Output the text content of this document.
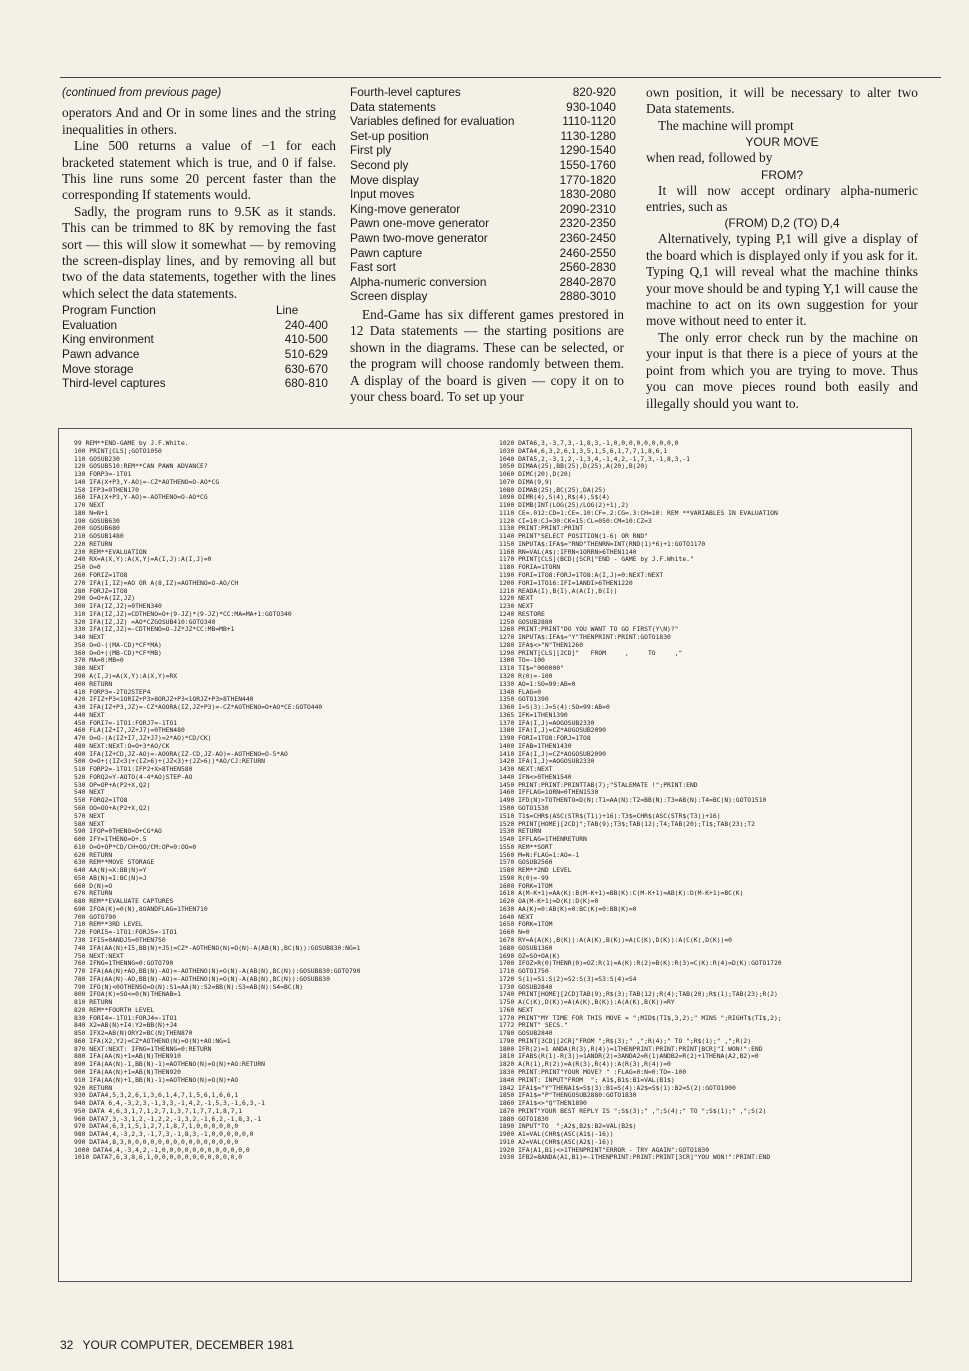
(continued from previous page)

operators And and Or in some lines and the string inequalities in others.

Line 500 returns a value of −1 for each bracketed statement which is true, and 0 if false. This line runs some 20 percent faster than the corresponding If statements would.

Sadly, the program runs to 9.5K as it stands. This can be trimmed to 8K by removing the fast sort — this will slow it somewhat — by removing the screen-display lines, and by removing all but two of the data statements, together with the lines which select the data statements.

Program Function	Line
Evaluation	240-400
King environment	410-500
Pawn advance	510-629
Move storage	630-670
Third-level captures	680-810
Fourth-level captures	820-920
Data statements	930-1040
Variables defined for evaluation	1110-1120
Set-up position	1130-1280
First ply	1290-1540
Second ply	1550-1760
Move display	1770-1820
Input moves	1830-2080
King-move generator	2090-2310
Pawn one-move generator	2320-2350
Pawn two-move generator	2360-2450
Pawn capture	2460-2550
Fast sort	2560-2830
Alpha-numeric conversion	2840-2870
Screen display	2880-3010

End-Game has six different games prestored in 12 Data statements — the starting positions are shown in the diagrams. These can be selected, or the program will choose randomly between them. A display of the board is given — copy it on to your chess board. To set up your

own position, it will be necessary to alter two Data statements.

The machine will prompt

YOUR MOVE

when read, followed by

FROM?

It will now accept ordinary alpha-numeric entries, such as

(FROM) D,2 (TO) D,4

Alternatively, typing P,1 will give a display of the board which is displayed only if you ask for it. Typing Q,1 will reveal what the machine thinks your move should be and typing Y,1 will cause the machine to act on its own suggestion for your move without need to enter it.

The only error check run by the machine on your input is that there is a piece of yours at the point from which you are trying to move. Thus you can move pieces round both easily and illegally should you want to.

99 REM**END-GAME by J.F.White.
100 PRINT[CLS];GOTO1050
110 GOSUB230
120 GOSUB510:REM**CAN PAWN ADVANCE?
130 FORP3=-1TO1
140 IFA(X+P3,Y-AO)=-CZ*AOTHENO=O-AO*CG
150 IFP3=0THEN170
160 IFA(X+P3,Y-AO)=-AOTHENO=O-AO*CG
170 NEXT
180 N=N+1
190 GOSUB630
200 GOSUB680
210 GOSUB1480
220 RETURN
230 REM**EVALUATION
240 RX=A(X,Y):A(X,Y)=A(I,J):A(I,J)=0
250 O=0
260 FORIZ=1TO8
270 IFA(I,IZ)=AO OR A(8,IZ)=AOTHENO=O-AO/CH
280 FORJZ=1TO8
290 O=O+A(IZ,JZ)
300 IFA(IZ,JZ)=0THEN340
310 IFA(IZ,JZ)=CDTHENO=O+(9-JZ)*(9-JZ)*CC:MA=MA+1:GOTO340
320 IFA(IZ,JZ) =AO*CZGOSUB410:GOTO340
330 IFA(IZ,JZ)=-CDTHENO=O-JZ*JZ*CC:MB=MB+1
340 NEXT
350 O=O-((MA-CD)*CF*MA)
360 O=O+((MB-CD)*CF*MB)
370 MA=0:MB=0
380 NEXT
390 A(I,J)=A(X,Y):A(X,Y)=RX
400 RETURN
410 FORP3=-2TO2STEP4
420 IFIZ+P3<1ORIZ+P3>8ORJZ+P3<1ORJZ+P3>8THEN440
430 IFA(IZ+P3,JZ)=-CZ*AOORA(IZ,JZ+P3)=-CZ*AOTHENO=O+AO*CE:GOTO440
440 NEXT
450 FORI7=-1TO1:FORJ7=-1TO1
460 FLA(IZ+I7,JZ+J7)=0THEN480
470 O=O-(A(IZ+I7,JZ+J7)=2*AO)*CD/CK)
480 NEXT:NEXT:O=O+3*AO/CK
490 IFA(IZ+CD,JZ-AO)=-AOORA(IZ-CD,JZ-AO)=-AOTHENO=O-5*AO
500 O=O+((IZ<3)+(IZ>6)+(JZ<3)+(JZ>6))*AO/CJ:RETURN
510 FORP2=-1TO1:IFP2+X>8THEN580
520 FORQ2=Y-AOTO(4-4*AO)STEP-AO
530 OP=OP+A(P2+X,Q2)
540 NEXT
550 FORQ2=1TO8
560 OO=OO+A(P2+X,Q2)
570 NEXT
580 NEXT
590 IFOP=0THENO=O+CG*AO
600 IFY=1THENO=O+.5
610 O=O+OP*CD/CH+OO/CM:OP=0:OO=0
620 RETURN
630 REM**MOVE STORAGE
640 AA(N)=X:BB(N)=Y
650 AB(N)=I:BC(N)=J
660 D(N)=O
670 RETURN
680 REM**EVALUATE CAPTURES
690 IFOA(K)=0(N),8OANDFLAG=1THEN710
700 GOTO790
710 REM**3RD LEVEL
720 FORI5=-1TO1:FORJ5=-1TO1
730 IFI5=0ANDJ5=0THEN750
740 IFA(AA(N)+I5,BB(N)+J5)=CZ*-AOTHENO(N)=O(N)-A(AB(N),BC(N)):GOSUB830:NG=1
750 NEXT:NEXT
760 IFNG=1THENNG=0:GOTO790
770 IFA(AA(N)+AO,BB(N)-AO)=-AOTHENO(N)=O(N)-A(AB(N),BC(N)):GOSUB830:GOTO790
780 IFA(AA(N)-AO,BB(N)-AO)=-AOTHENO(N)=O(N)-A(AB(N),BC(N)):GOSUB830
790 IFO(N)<0OTHENSO=O(N):S1=AA(N):S2=BB(N):S3=AB(N):S4=BC(N)
800 IFOA(K)=SO<=0(N)THENAB=1
810 RETURN
820 REM**FOURTH LEVEL
830 FORI4=-1TO1:FORJ4=-1TO1
840 X2=AB(N)+I4:Y2=BB(N)+J4
850 IFX2=AB(N)ORY2=BC(N)THEN870
860 IFA(X2,Y2)=CZ*AOTHENO(N)=O(N)+AO:NG=1
870 NEXT:NEXT: IFNG=1THENNG=0:RETURN
880 IFA(AA(N)+1=AB(N)THEN910
890 IFA(AA(N)-1,BB(N)-1)=AOTHENO(N)=O(N)+AO:RETURN
900 IFA(AA(N)+1=AB(N)THEN920
910 IFA(AA(N)+1,BB(N)-1)=AOTHENO(N)=O(N)+AO
920 RETURN
930 DATA4,5,3,2,6,1,3,6,1,4,7,1,5,6,1,6,6,1
940 DATA 6,4,-3,2,3,-1,3,3,-1,4,2,-1,5,3,-1,6,3,-1
950 DATA 4,6,3,1,7,1,2,7,1,3,7,1,7,7,1,8,7,1
960 DATA7,3,-3,1,2,-1,2,2,-1,3,2,-1,6,2,-1,8,3,-1
970 DATA4,6,3,1,5,1,2,7,1,8,7,1,0,0,0,0,0,0
980 DATA4,4,-3,2,3,-1,7,3,-1,8,3,-1,0,0,0,0,0,0
990 DATA4,8,3,0,0,0,0,0,0,0,0,0,0,0,0,0,0,0
1000 DATA4,4,-3,4,2,-1,0,0,0,0,0,0,0,0,0,0,0,0
1010 DATA7,6,3,8,6,1,0,0,0,0,0,0,0,0,0,0,0,0
1020 DATA6,3,-3,7,3,-1,8,3,-1,0,0,0,0,0,0,0,0,0
1030 DATA4,6,3,2,6,1,3,5,1,5,6,1,7,7,1,8,6,1
1040 DATA5,2,-3,1,2,-1,3,4,-1,4,2,-1,7,3,-1,8,3,-1
1050 DIMAA(25),BB(25),D(25),A(20),B(20)
1060 DIMC(20),D(20)
1070 DIMA(9,9)
1080 DIMAB(25),BC(25),DA(25)
1090 DIMR(4),S(4),R$(4),S$(4)
1100 DIMB(INT(LOG(25)/LOG(2)+1),2)
1110 CE=.012:CD=1:CE=.10:CF=.2:CG=.3:CH=10: REM **VARIABLES IN EVALUATION
1120 CI=10:CJ=30:CK=15:CL=050:CM=10:CZ=3
1130 PRINT:PRINT:PRINT
1140 PRINT"SELECT POSITION(1-6) OR RND"
1150 INPUTA$:IFA$="RND"THENRN=INT(RND(1)*6)+1:GOTO1170
1160 RN=VAL(A$):IFRN<1ORRN>6THEN1140
1170 PRINT[CLS](BCD)[SCR]"END - GAME by J.F.White."
1180 FORIA=1TORN
1190 FORI=1TO8:FORJ=1TO8:A(I,J)=0:NEXT:NEXT
1200 FORI=1TO16:IFI=1ANDI>6THEN1220
1210 READA(I),B(I),A(A(I),B(I))
1220 NEXT
1230 NEXT
1240 RESTORE
1250 GOSUB2880
1260 PRINT:PRINT"DO YOU WANT TO GO FIRST(Y\N)?"
1270 INPUTA$:IFA$="Y"THENPRINT:PRINT:GOTO1830
1280 IFA$<>"N"THEN1260
1290 PRINT[CLS][2CD]"   FROM     ,     TO     ,"
1300 TO=-100
1310 TI$="000000"
1320 R(0)=-100
1330 AO=1:SO=99:AB=0
1340 FLAG=0
1350 GOTO1390
1360 I=S(3):J=S(4):SO=99:AB=0
1365 IFK=1THEN1390
1370 IFA(I,J)=AOGOSUB2330
1380 IFA(I,J)=CZ*AOGOSUB2090
1390 FORI=1TO8:FORJ=1TO8
1400 IFAB=1THEN1430
1410 IFA(I,J)=CZ*AOGOSUB2090
1420 IFA(I,J)=AOGOSUB2330
1430 NEXT:NEXT
1440 IFN<>0THEN1540
1450 PRINT:PRINT:PRINTTAB(7);"STALEMATE !";PRINT:END
1460 IFFLAG=1ORN=0THEN1530
1490 IFD(N)>TOTHENTO=D(N):T1=AA(N):T2=BB(N):T3=AB(N):T4=BC(N):GOTO1510
1500 GOTO1530
1510 T1$=CHR$(ASC(STR$(T1))+16):T3$=CHR$(ASC(STR$(T3))+16)
1520 PRINT[HOME][2CD]";TAB(9);T3$;TAB(12);T4;TAB(20);T1$;TAB(23);T2
1530 RETURN
1540 IFFLAG=1THENRETURN
1550 REM**SORT
1560 M=N:FLAG=1:AO=-1
1570 GOSUB2560
1580 REM**2ND LEVEL
1590 R(0)=-99
1600 FORK=1TOM
1610 A(M-K+1)=AA(K):B(M-K+1)=BB(K):C(M-K+1)=AB(K):D(M-K+1)=BC(K)
1620 OA(M-K+1)=D(K):D(K)=0
1630 AA(K)=0:AB(K)=0:BC(K)=0:BB(K)=0
1640 NEXT
1650 FORK=1TOM
1660 N=0
1670 RY=A(A(K),B(K)):A(A(K),B(K))=A(C(K),D(K)):A(C(K),D(K))=0
1680 GOSUB1360
1690 OZ=SO+OA(K)
1700 IFOZ>R(0)THENR(0)=OZ:R(1)=A(K):R(2)=B(K):R(3)=C(K):R(4)=D(K):GOTO1720
1710 GOTO1750
1720 S(1)=S1:S(2)=S2:S(3)=S3:S(4)=S4
1730 GOSUB2840
1740 PRINT[HOME][2CD]TAB(9);R$(3);TAB(12);R(4);TAB(20);R$(1);TAB(23);R(2)
1750 A(C(K),D(K))=A(A(K),B(K)):A(A(K),B(K))=RY
1760 NEXT
1770 PRINT"MY TIME FOR THIS MOVE = ";MID$(TI$,3,2);" MINS ";RIGHT$(TI$,2);
1772 PRINT" SECS."
1780 GOSUB2840
1790 PRINT[3CD][2CR]"FROM ";R$(3);" ,";R(4);" TO ";R$(1);" ,";R(2)
1800 IFR(2)=1 ANDA(R(3),R(4))=1THENPRINT:PRINT:PRINT[BCR]"I WON!":END
1810 IFABS(R(1)-R(3))=1ANDR(2)=3ANDA2=R(1)ANDB2=R(2)+1THENA(A2,B2)=0
1820 A(R(1),R(2))=A(R(3),R(4)):A(R(3),R(4))=0
1830 PRINT:PRINT"YOUR MOVE? " :FLAG=0:N=0:TO=-100
1840 PRINT: INPUT"FROM  "; A1$,B1$:B1=VAL(B1$)
1842 IFA1$="Y"THENA1$=S$(3):B1=S(4):A2$=S$(1):B2=S(2):GOTO1900
1850 IFA1$="P"THENGOSUB2880:GOTO1830
1860 IFA1$<>"Q"THEN1890
1870 PRINT"YOUR BEST REPLY IS ";S$(3);" ,";S(4);" TO ";S$(1);" ,";S(2)
1880 GOTO1830
1890 INPUT"TO  ";A2$,B2$:B2=VAL(B2$)
1900 A1=VAL(CHR$(ASC(A1$)-16))
1910 A2=VAL(CHR$(ASC(A2$)-16))
1920 IFA(A1,B1)<>1THENPRINT"ERROR - TRY AGAIN":GOTO1830
1930 IFB2=8ANDA(A1,B1)=-1THENPRINT:PRINT:PRINT[3CR]"YOU WON!":PRINT:END
32 YOUR COMPUTER, DECEMBER 1981
